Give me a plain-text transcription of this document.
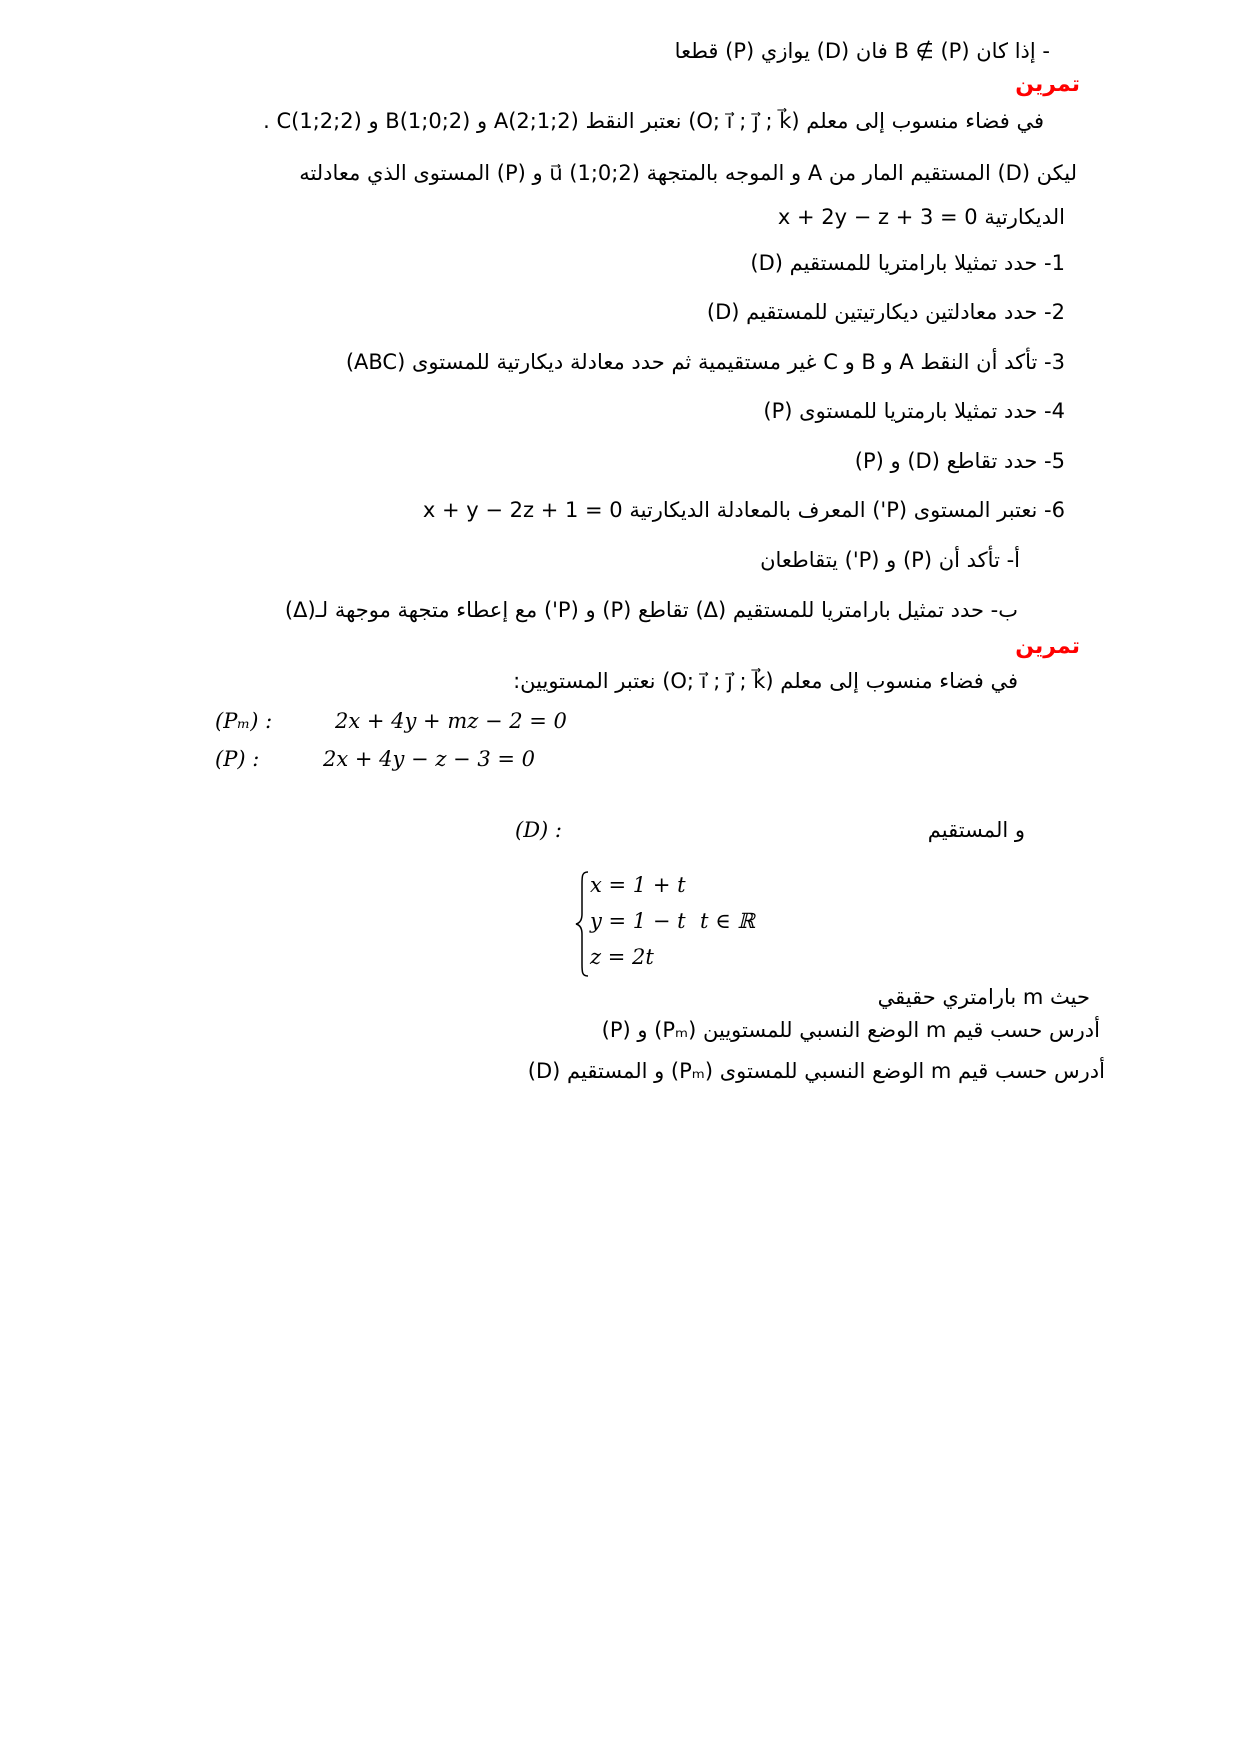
- إذا كان B ∉ (P) فان (D) يوازي (P) قطعا
تمرين
في فضاء منسوب إلى معلم (O; i⃗ ; j⃗ ; k⃗) نعتبر النقط A(2;1;2) و B(1;0;2) و C(1;2;2) .
ليكن (D) المستقيم المار من A و الموجه بالمتجهة u⃗ (1;0;2) و (P) المستوى الذي معادلته
الديكارتية x + 2y − z + 3 = 0
1- حدد تمثيلا بارامتريا للمستقيم (D)
2- حدد معادلتين ديكارتيتين للمستقيم (D)
3- تأكد أن النقط A و B و C غير مستقيمية ثم حدد معادلة ديكارتية للمستوى (ABC)
4- حدد تمثيلا بارمتريا للمستوى (P)
5- حدد تقاطع (D) و (P)
6- نعتبر المستوى (P') المعرف بالمعادلة الديكارتية x + y − 2z + 1 = 0
أ- تأكد أن (P) و (P') يتقاطعان
ب- حدد تمثيل بارامتريا للمستقيم (Δ) تقاطع (P) و (P') مع إعطاء متجهة موجهة لـ(Δ)
تمرين
في فضاء منسوب إلى معلم (O; i⃗ ; j⃗ ; k⃗) نعتبر المستويين:
(Pₘ) :	2x + 4y + mz − 2 = 0
(P) :	2x + 4y − z − 3 = 0
و المستقيم
(D) :
x = 1 + t
y = 1 − t
z = 2t
t ∈ ℝ
حيث m بارامتري حقيقي
أدرس حسب قيم m الوضع النسبي للمستويين (Pₘ) و (P)
أدرس حسب قيم m الوضع النسبي للمستوى (Pₘ) و المستقيم (D)
